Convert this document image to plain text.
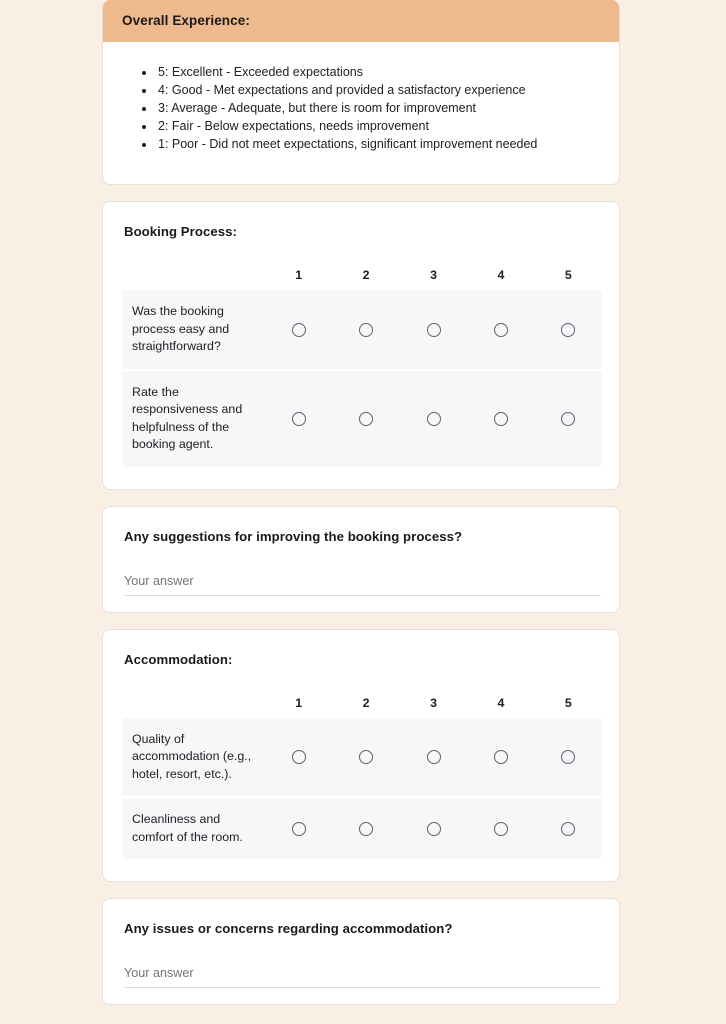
Overall Experience:
• 5: Excellent - Exceeded expectations
• 4: Good - Met expectations and provided a satisfactory experience
• 3: Average - Adequate, but there is room for improvement
• 2: Fair - Below expectations, needs improvement
• 1: Poor - Did not meet expectations, significant improvement needed
Booking Process:
1	2	3	4	5
Was the booking process easy and straightforward?
Rate the responsiveness and helpfulness of the booking agent.
Any suggestions for improving the booking process?
Your answer
Accommodation:
1	2	3	4	5
Quality of accommodation (e.g., hotel, resort, etc.).
Cleanliness and comfort of the room.
Any issues or concerns regarding accommodation?
Your answer
